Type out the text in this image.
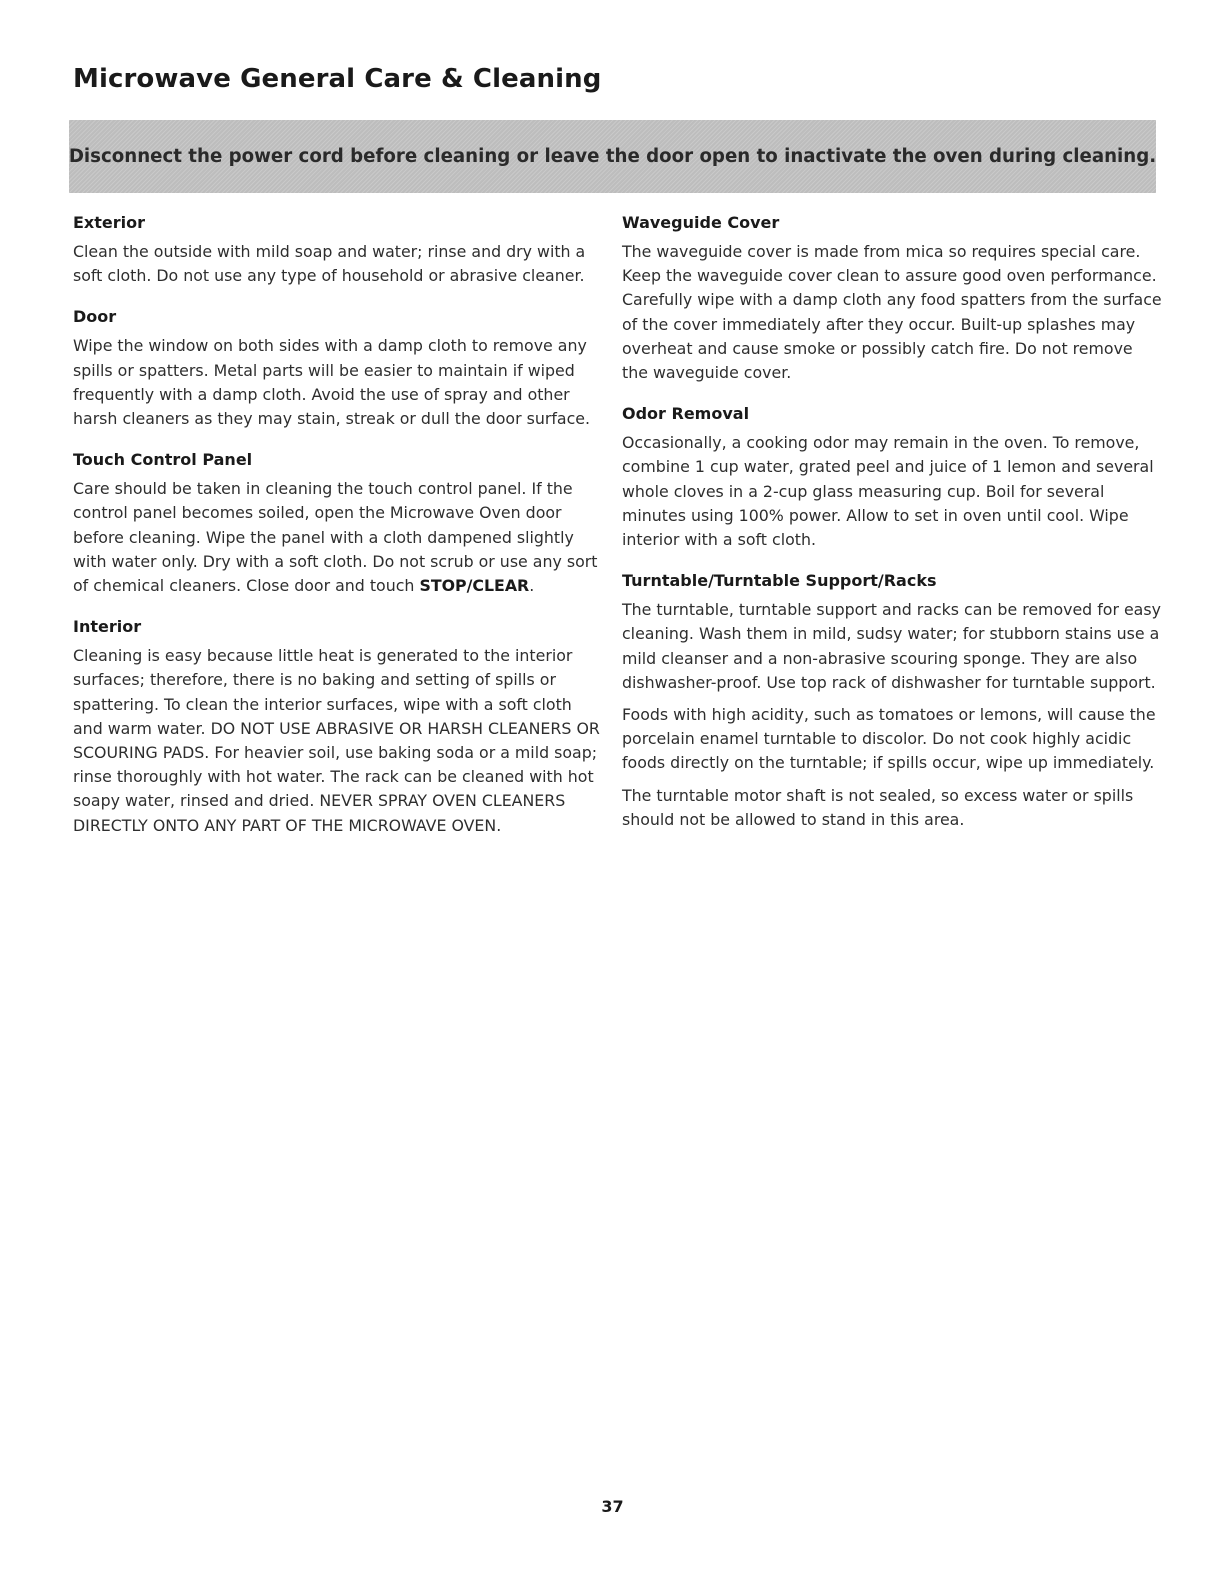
Microwave General Care & Cleaning
Disconnect the power cord before cleaning or leave the door open to inactivate the oven during cleaning.
Exterior

Clean the outside with mild soap and water; rinse and dry with a soft cloth. Do not use any type of household or abrasive cleaner.

Door

Wipe the window on both sides with a damp cloth to remove any spills or spatters. Metal parts will be easier to maintain if wiped frequently with a damp cloth. Avoid the use of spray and other harsh cleaners as they may stain, streak or dull the door surface.

Touch Control Panel

Care should be taken in cleaning the touch control panel. If the control panel becomes soiled, open the Microwave Oven door before cleaning. Wipe the panel with a cloth dampened slightly with water only. Dry with a soft cloth. Do not scrub or use any sort of chemical cleaners. Close door and touch STOP/CLEAR.

Interior

Cleaning is easy because little heat is generated to the interior surfaces; therefore, there is no baking and setting of spills or spattering. To clean the interior surfaces, wipe with a soft cloth and warm water. DO NOT USE ABRASIVE OR HARSH CLEANERS OR SCOURING PADS. For heavier soil, use baking soda or a mild soap; rinse thoroughly with hot water. The rack can be cleaned with hot soapy water, rinsed and dried. NEVER SPRAY OVEN CLEANERS DIRECTLY ONTO ANY PART OF THE MICROWAVE OVEN.

Waveguide Cover

The waveguide cover is made from mica so requires special care. Keep the waveguide cover clean to assure good oven performance. Carefully wipe with a damp cloth any food spatters from the surface of the cover immediately after they occur. Built-up splashes may overheat and cause smoke or possibly catch fire. Do not remove the waveguide cover.

Odor Removal

Occasionally, a cooking odor may remain in the oven. To remove, combine 1 cup water, grated peel and juice of 1 lemon and several whole cloves in a 2-cup glass measuring cup. Boil for several minutes using 100% power. Allow to set in oven until cool. Wipe interior with a soft cloth.

Turntable/Turntable Support/Racks

The turntable, turntable support and racks can be removed for easy cleaning. Wash them in mild, sudsy water; for stubborn stains use a mild cleanser and a non-abrasive scouring sponge. They are also dishwasher-proof. Use top rack of dishwasher for turntable support.

Foods with high acidity, such as tomatoes or lemons, will cause the porcelain enamel turntable to discolor. Do not cook highly acidic foods directly on the turntable; if spills occur, wipe up immediately.

The turntable motor shaft is not sealed, so excess water or spills should not be allowed to stand in this area.

37
